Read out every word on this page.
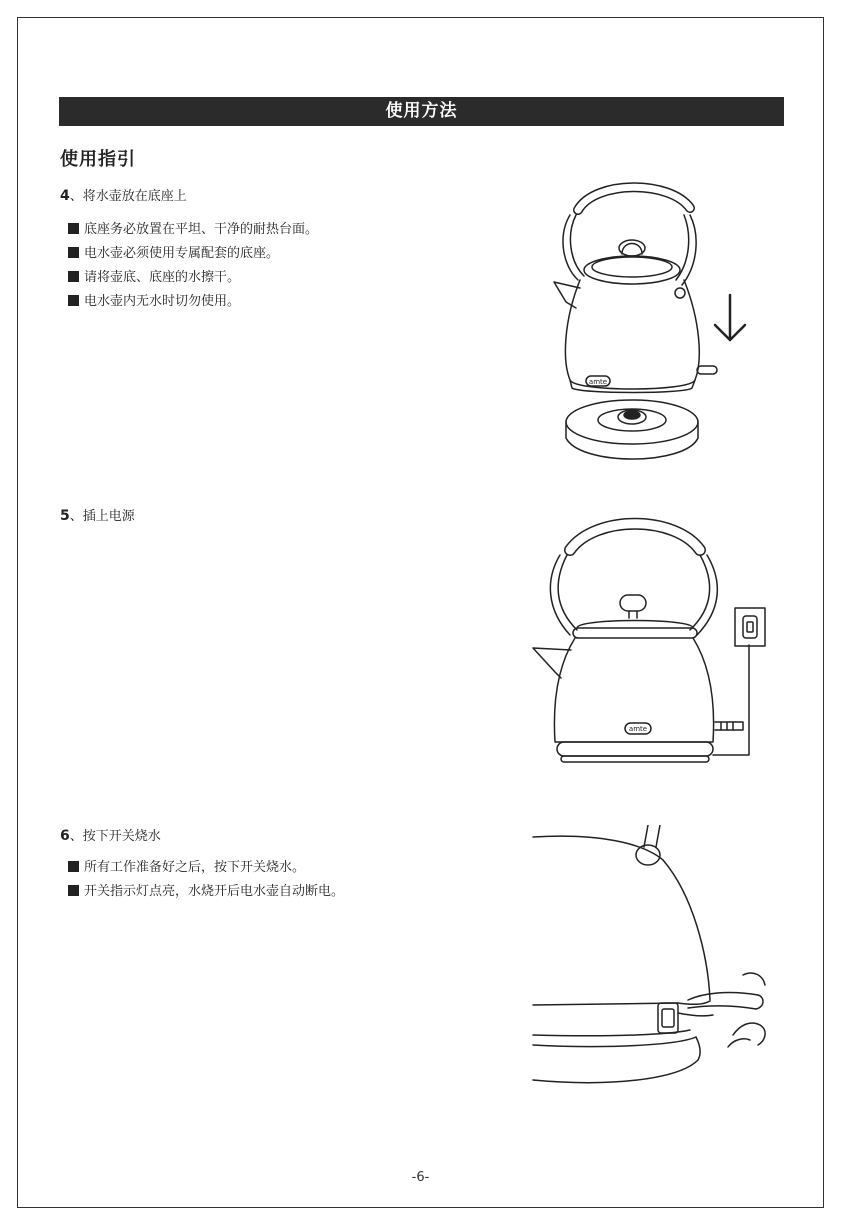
使用方法
使用指引
4、将水壶放在底座上
底座务必放置在平坦、干净的耐热台面。
电水壶必须使用专属配套的底座。
请将壶底、底座的水擦干。
电水壶内无水时切勿使用。
5、插上电源
6、按下开关烧水
所有工作准备好之后，按下开关烧水。
开关指示灯点亮，水烧开后电水壶自动断电。
amte
amte
-6-
